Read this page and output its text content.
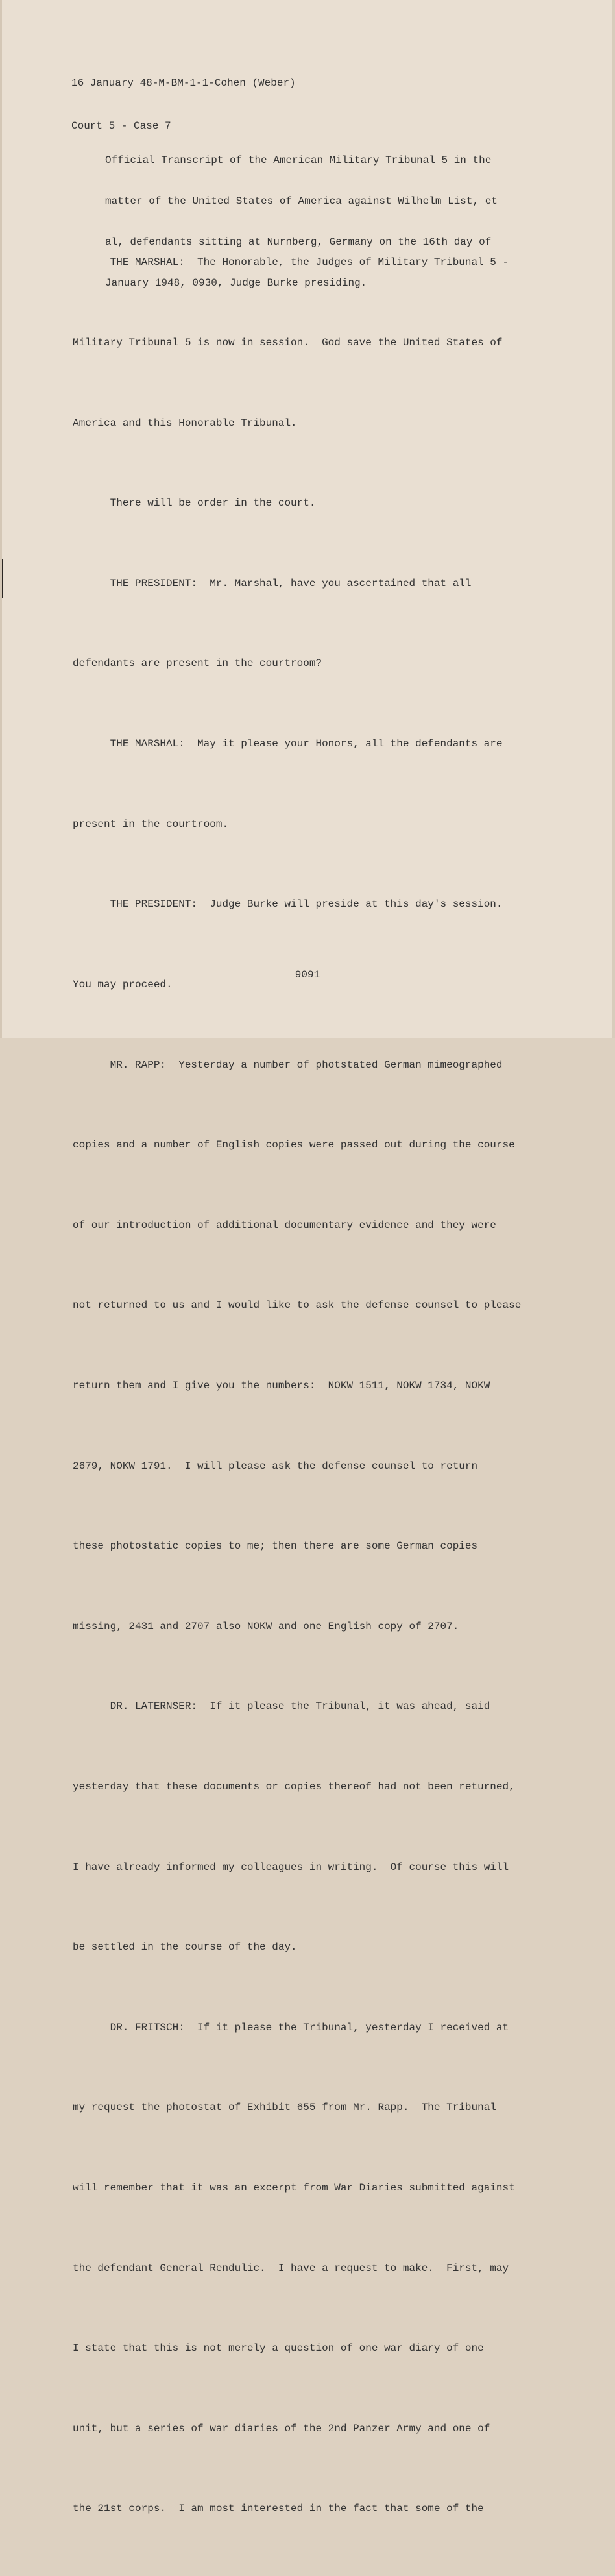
16 January 48-M-BM-1-1-Cohen (Weber)

Court 5 - Case 7

Official Transcript of the American Military Tribunal 5 in the

matter of the United States of America against Wilhelm List, et

al, defendants sitting at Nurnberg, Germany on the 16th day of

January 1948, 0930, Judge Burke presiding.

THE MARSHAL:  The Honorable, the Judges of Military Tribunal 5 -

Military Tribunal 5 is now in session.  God save the United States of

America and this Honorable Tribunal.

There will be order in the court.

THE PRESIDENT:  Mr. Marshal, have you ascertained that all

defendants are present in the courtroom?

THE MARSHAL:  May it please your Honors, all the defendants are

present in the courtroom.

THE PRESIDENT:  Judge Burke will preside at this day's session.

You may proceed.

MR. RAPP:  Yesterday a number of photstated German mimeographed

copies and a number of English copies were passed out during the course

of our introduction of additional documentary evidence and they were

not returned to us and I would like to ask the defense counsel to please

return them and I give you the numbers:  NOKW 1511, NOKW 1734, NOKW

2679, NOKW 1791.  I will please ask the defense counsel to return

these photostatic copies to me; then there are some German copies

missing, 2431 and 2707 also NOKW and one English copy of 2707.

DR. LATERNSER:  If it please the Tribunal, it was ahead, said

yesterday that these documents or copies thereof had not been returned,

I have already informed my colleagues in writing.  Of course this will

be settled in the course of the day.

DR. FRITSCH:  If it please the Tribunal, yesterday I received at

my request the photostat of Exhibit 655 from Mr. Rapp.  The Tribunal

will remember that it was an excerpt from War Diaries submitted against

the defendant General Rendulic.  I have a request to make.  First, may

I state that this is not merely a question of one war diary of one

unit, but a series of war diaries of the 2nd Panzer Army and one of

the 21st corps.  I am most interested in the fact that some of the

9091
